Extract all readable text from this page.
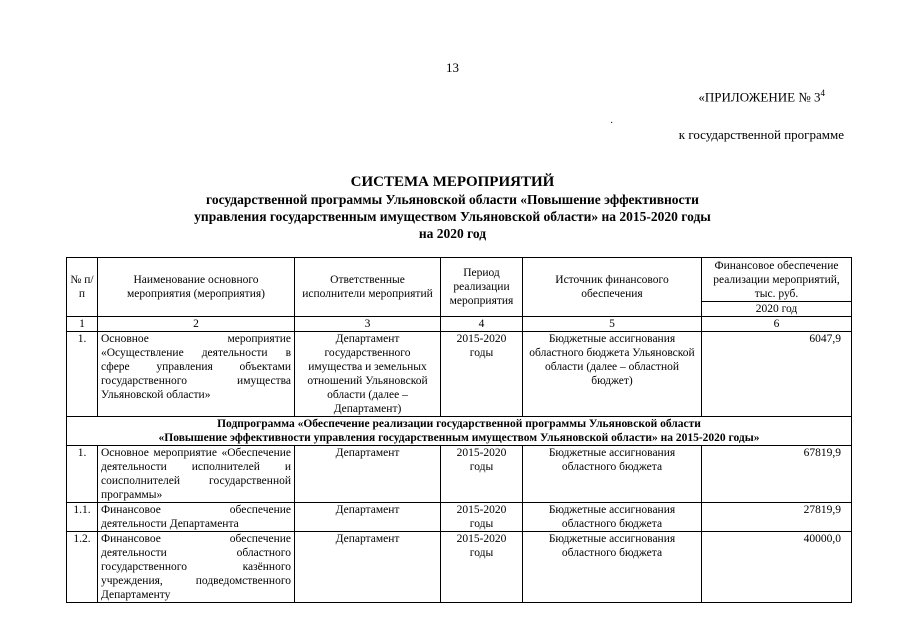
13
«ПРИЛОЖЕНИЕ № $3^4$
·
к государственной программе
СИСТЕМА МЕРОПРИЯТИЙ
государственной программы Ульяновской области «Повышение эффективности
управления государственным имуществом Ульяновской области» на 2015-2020 годы
на 2020 год
№ п/п	Наименование основного мероприятия (мероприятия)	Ответственные исполнители мероприятий	Период реализации мероприятия	Источник финансового обеспечения	Финансовое обеспечение реализации мероприятий, тыс. руб.
					2020 год
1	2	3	4	5	6
1.	Основное мероприятие «Осуществление деятельности в сфере управления объектами государственного имущества Ульяновской области»	Департамент государственного имущества и земельных отношений Ульяновской области (далее – Департамент)	2015-2020 годы	Бюджетные ассигнования областного бюджета Ульяновской области (далее – областной бюджет)	6047,9

Подпрограмма «Обеспечение реализации государственной программы Ульяновской области
«Повышение эффективности управления государственным имуществом Ульяновской области» на 2015-2020 годы»					

1.	Основное мероприятие «Обеспечение деятельности исполнителей и соисполнителей государственной программы»	Департамент	2015-2020 годы	Бюджетные ассигнования областного бюджета	67819,9
1.1.	Финансовое обеспечение деятельности Департамента	Департамент	2015-2020 годы	Бюджетные ассигнования областного бюджета	27819,9
1.2.	Финансовое обеспечение деятельности областного государственного казённого учреждения, подведомственного Департаменту	Департамент	2015-2020 годы	Бюджетные ассигнования областного бюджета	40000,0
